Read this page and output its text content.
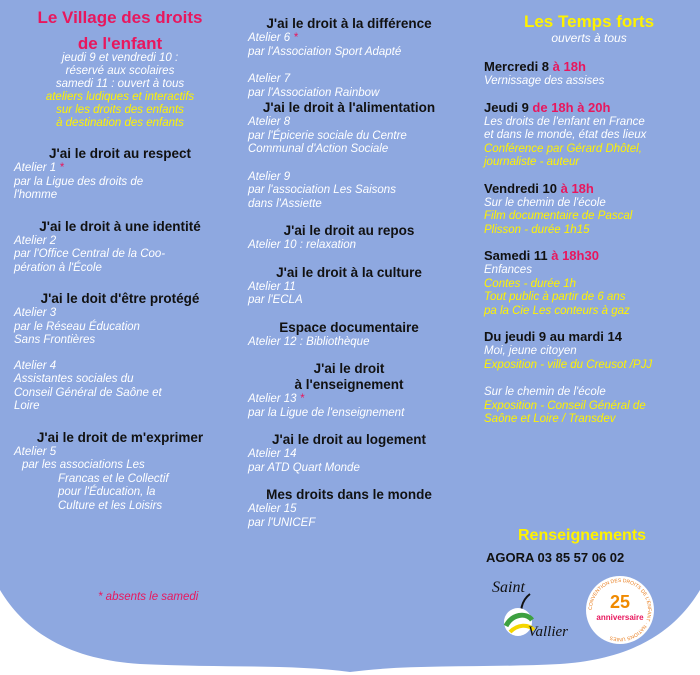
Le Village des droits
de l'enfant
jeudi 9 et vendredi 10 :
réservé aux scolaires
samedi 11 : ouvert à tous
ateliers ludiques et interactifs
sur les droits des enfants
à destination des enfants
J'ai le droit au respect
Atelier 1 *
par la Ligue des droits de
l'homme
J'ai le droit à une identité
Atelier 2
par l'Office Central de la Coo-
pération à l'École
J'ai le doit d'être protégé
Atelier 3
par le Réseau Éducation
Sans Frontières
Atelier 4
Assistantes sociales du
Conseil Général de Saône et
Loire
J'ai le droit de m'exprimer
Atelier 5
par les associations Les
Francas et le Collectif
pour l'Éducation, la
Culture et les Loisirs
J'ai le droit à la différence
Atelier 6 *
par l'Association Sport Adapté
Atelier 7
par l'Association Rainbow
J'ai le droit à l'alimentation
Atelier 8
par l'Épicerie sociale du Centre
Communal d'Action Sociale
Atelier 9
par l'association Les Saisons
dans l'Assiette
J'ai le droit au repos
Atelier 10 : relaxation
J'ai le droit à la culture
Atelier 11
par l'ECLA
Espace documentaire
Atelier 12 : Bibliothèque
J'ai le droit
à l'enseignement
Atelier 13 *
par la Ligue de l'enseignement
J'ai le droit au logement
Atelier 14
par ATD Quart Monde
Mes droits dans le monde
Atelier 15
par l'UNICEF
Les Temps forts
ouverts à tous
Mercredi 8 à 18h
Vernissage des assises
Jeudi 9 de 18h à 20h
Les droits de l'enfant en France
et dans le monde, état des lieux
Conférence par Gérard Dhôtel,
journaliste - auteur
Vendredi 10 à 18h
Sur le chemin de l'école
Film documentaire de Pascal
Plisson - durée 1h15
Samedi 11 à 18h30
Enfances
Contes - durée 1h
Tout public à partir de 6 ans
pa la Cie Les conteurs à gaz
Du jeudi 9 au mardi 14
Moi, jeune citoyen
Exposition - ville du Creusot /PJJ
Sur le chemin de l'école
Exposition - Conseil Général de
Saône et Loire / Transdev
Renseignements
AGORA 03 85 57 06 02
* absents le samedi
Saint
Vallier
CONVENTION DES DROITS DE L'ENFANT · NATIONS UNIES
25
anniversaire
